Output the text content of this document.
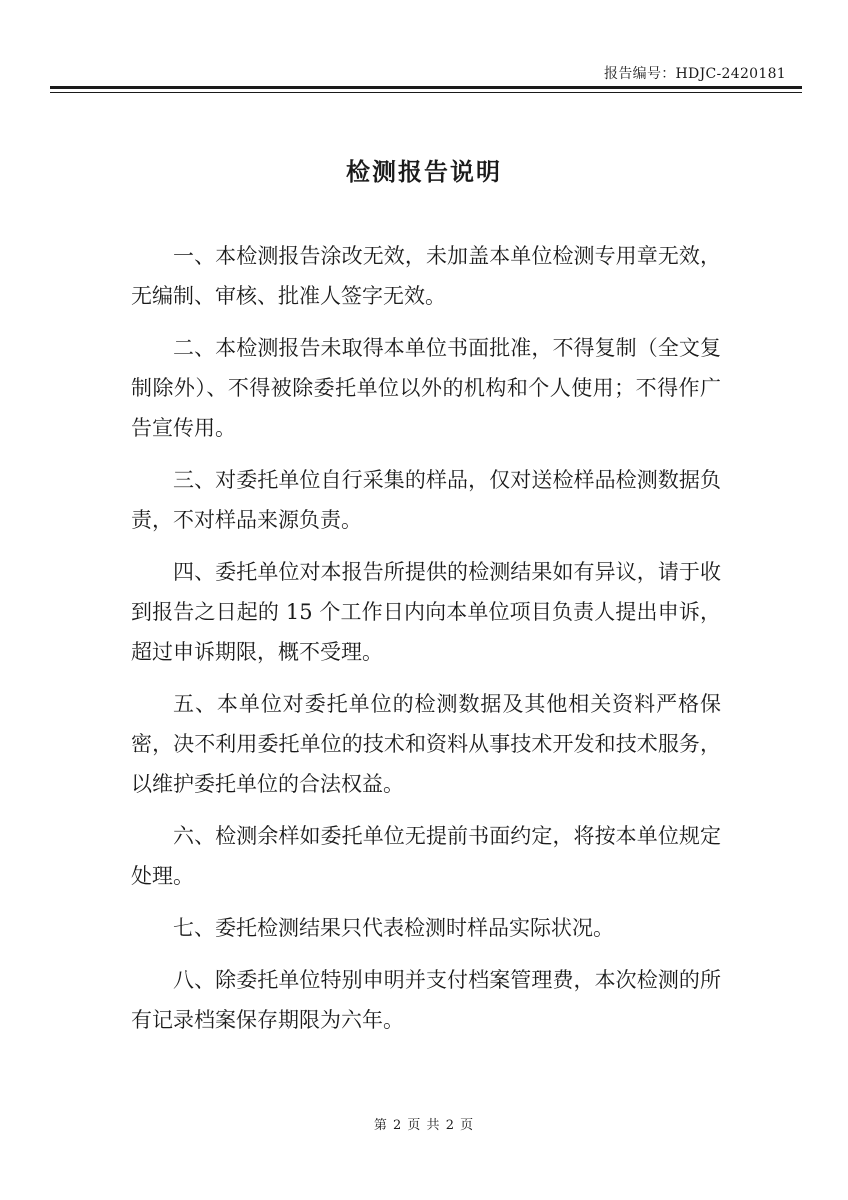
报告编号：HDJC-2420181
检测报告说明

一、本检测报告涂改无效，未加盖本单位检测专用章无效，无编制、审核、批准人签字无效。

二、本检测报告未取得本单位书面批准，不得复制（全文复制除外）、不得被除委托单位以外的机构和个人使用；不得作广告宣传用。

三、对委托单位自行采集的样品，仅对送检样品检测数据负责，不对样品来源负责。

四、委托单位对本报告所提供的检测结果如有异议，请于收到报告之日起的 15 个工作日内向本单位项目负责人提出申诉，超过申诉期限，概不受理。

五、本单位对委托单位的检测数据及其他相关资料严格保密，决不利用委托单位的技术和资料从事技术开发和技术服务，以维护委托单位的合法权益。

六、检测余样如委托单位无提前书面约定，将按本单位规定处理。

七、委托检测结果只代表检测时样品实际状况。

八、除委托单位特别申明并支付档案管理费，本次检测的所有记录档案保存期限为六年。

第 2 页 共 2 页
